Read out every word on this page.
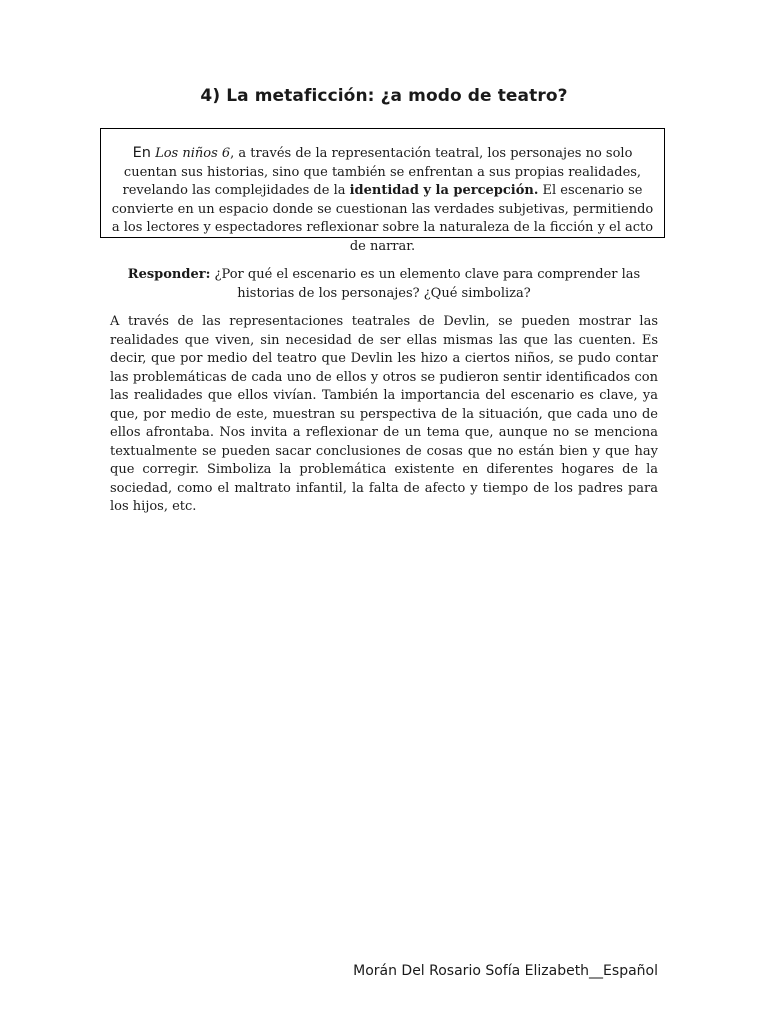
4) La metaficción: ¿a modo de teatro?
En Los niños 6, a través de la representación teatral, los personajes no solo cuentan sus historias, sino que también se enfrentan a sus propias realidades, revelando las complejidades de la identidad y la percepción. El escenario se convierte en un espacio donde se cuestionan las verdades subjetivas, permitiendo a los lectores y espectadores reflexionar sobre la naturaleza de la ficción y el acto de narrar.
Responder: ¿Por qué el escenario es un elemento clave para comprender las historias de los personajes? ¿Qué simboliza?

A través de las representaciones teatrales de Devlin, se pueden mostrar las realidades que viven, sin necesidad de ser ellas mismas las que las cuenten. Es decir, que por medio del teatro que Devlin les hizo a ciertos niños, se pudo contar las problemáticas de cada uno de ellos y otros se pudieron sentir identificados con las realidades que ellos vivían. También la importancia del escenario es clave, ya que, por medio de este, muestran su perspectiva de la situación, que cada uno de ellos afrontaba. Nos invita a reflexionar de un tema que, aunque no se menciona textualmente se pueden sacar conclusiones de cosas que no están bien y que hay que corregir. Simboliza la problemática existente en diferentes hogares de la sociedad, como el maltrato infantil, la falta de afecto y tiempo de los padres para los hijos, etc.

Morán Del Rosario Sofía Elizabeth__Español
